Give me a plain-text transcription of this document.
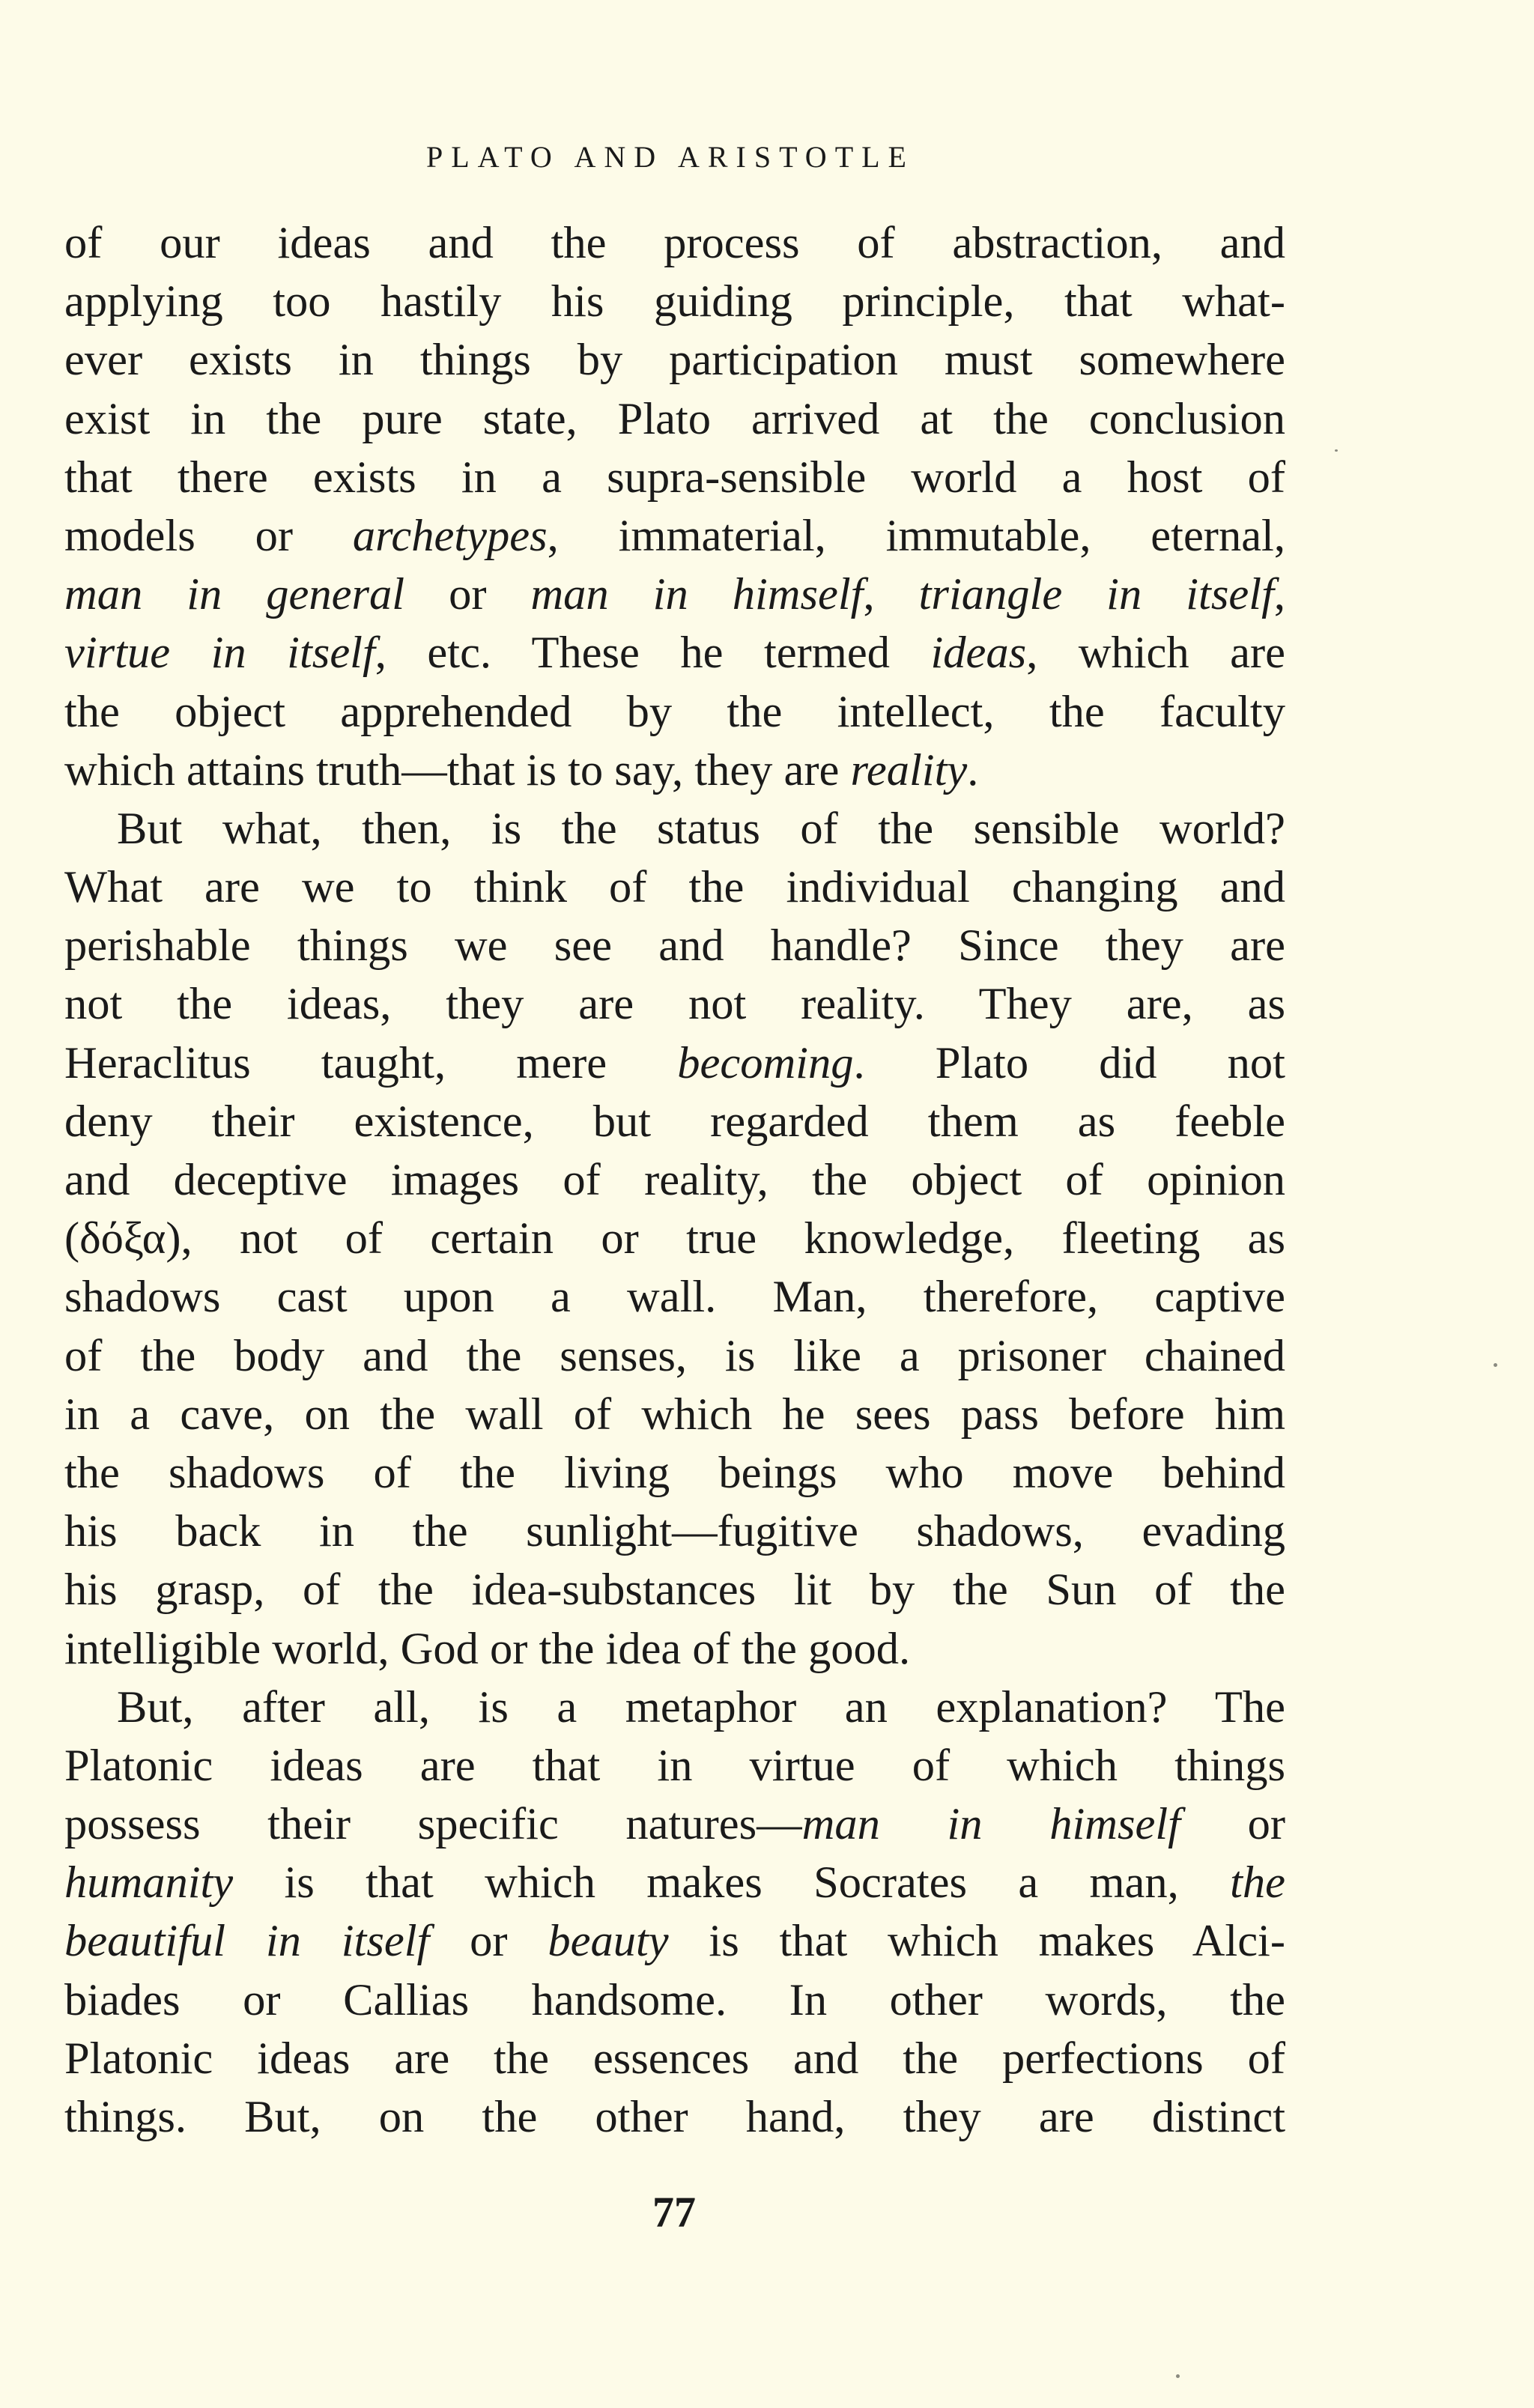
PLATO AND ARISTOTLE
of our ideas and the process of abstraction, and
applying too hastily his guiding principle, that what-
ever exists in things by participation must somewhere
exist in the pure state, Plato arrived at the conclusion
that there exists in a supra-sensible world a host of
models or archetypes, immaterial, immutable, eternal,
man in general or man in himself, triangle in itself,
virtue in itself, etc. These he termed ideas, which are
the object apprehended by the intellect, the faculty
which attains truth—that is to say, they are reality.
But what, then, is the status of the sensible world?
What are we to think of the individual changing and
perishable things we see and handle? Since they are
not the ideas, they are not reality. They are, as
Heraclitus taught, mere becoming. Plato did not
deny their existence, but regarded them as feeble
and deceptive images of reality, the object of opinion
(δόξα), not of certain or true knowledge, fleeting as
shadows cast upon a wall. Man, therefore, captive
of the body and the senses, is like a prisoner chained
in a cave, on the wall of which he sees pass before him
the shadows of the living beings who move behind
his back in the sunlight—fugitive shadows, evading
his grasp, of the idea-substances lit by the Sun of the
intelligible world, God or the idea of the good.
But, after all, is a metaphor an explanation? The
Platonic ideas are that in virtue of which things
possess their specific natures—man in himself or
humanity is that which makes Socrates a man, the
beautiful in itself or beauty is that which makes Alci-
biades or Callias handsome. In other words, the
Platonic ideas are the essences and the perfections of
things. But, on the other hand, they are distinct
77
